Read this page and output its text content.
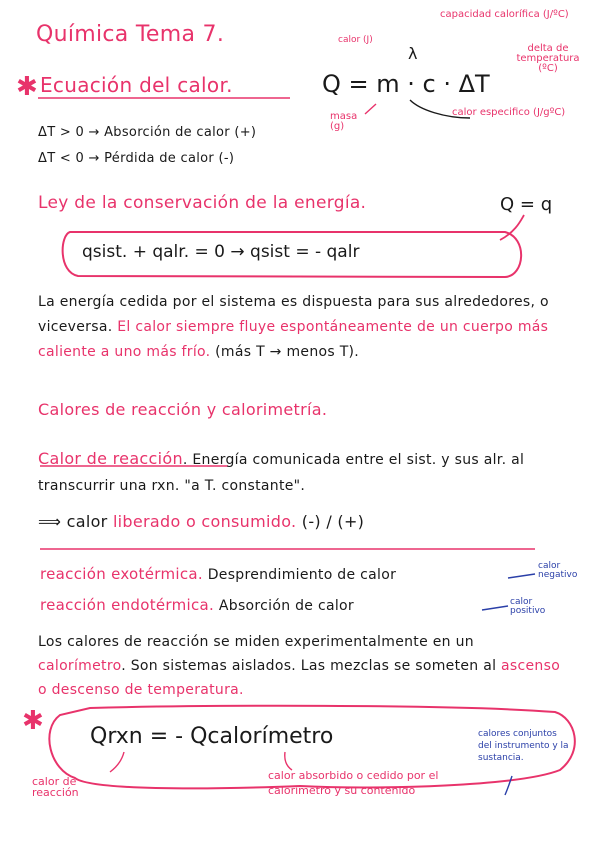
Química Tema 7.
✱ Ecuación del calor.	Q = m · c · ΔT
calor (J)
capacidad calorífica (J/ºC)
λ	delta de temperatura (ºC)
masa (g)
calor especifico (J/gºC)
ΔT > 0 → Absorción de calor (+)
ΔT < 0 → Pérdida de calor (-)
Ley de la conservación de la energía.	Q = q
qsist. + qalr. = 0 → qsist = - qalr
La energía cedida por el sistema es dispuesta para sus alrededores, o viceversa. El calor siempre fluye espontáneamente de un cuerpo más caliente a uno más frío. (más T → menos T).
Calores de reacción y calorimetría.
Calor de reacción. Energía comunicada entre el sist. y sus alr. al transcurrir una rxn. "a T. constante".
⟹ calor liberado o consumido. (-) / (+)
reacción exotérmica. Desprendimiento de calor
calor negativo
reacción endotérmica. Absorción de calor	calor positivo
Los calores de reacción se miden experimentalmente en un calorímetro. Son sistemas aislados. Las mezclas se someten al ascenso o descenso de temperatura.
✱
Qrxn = - Qcalorímetro
calor de reacción
calor absorbido o cedido por el calorímetro y su contenido
calores conjuntos del instrumento y la sustancia.
